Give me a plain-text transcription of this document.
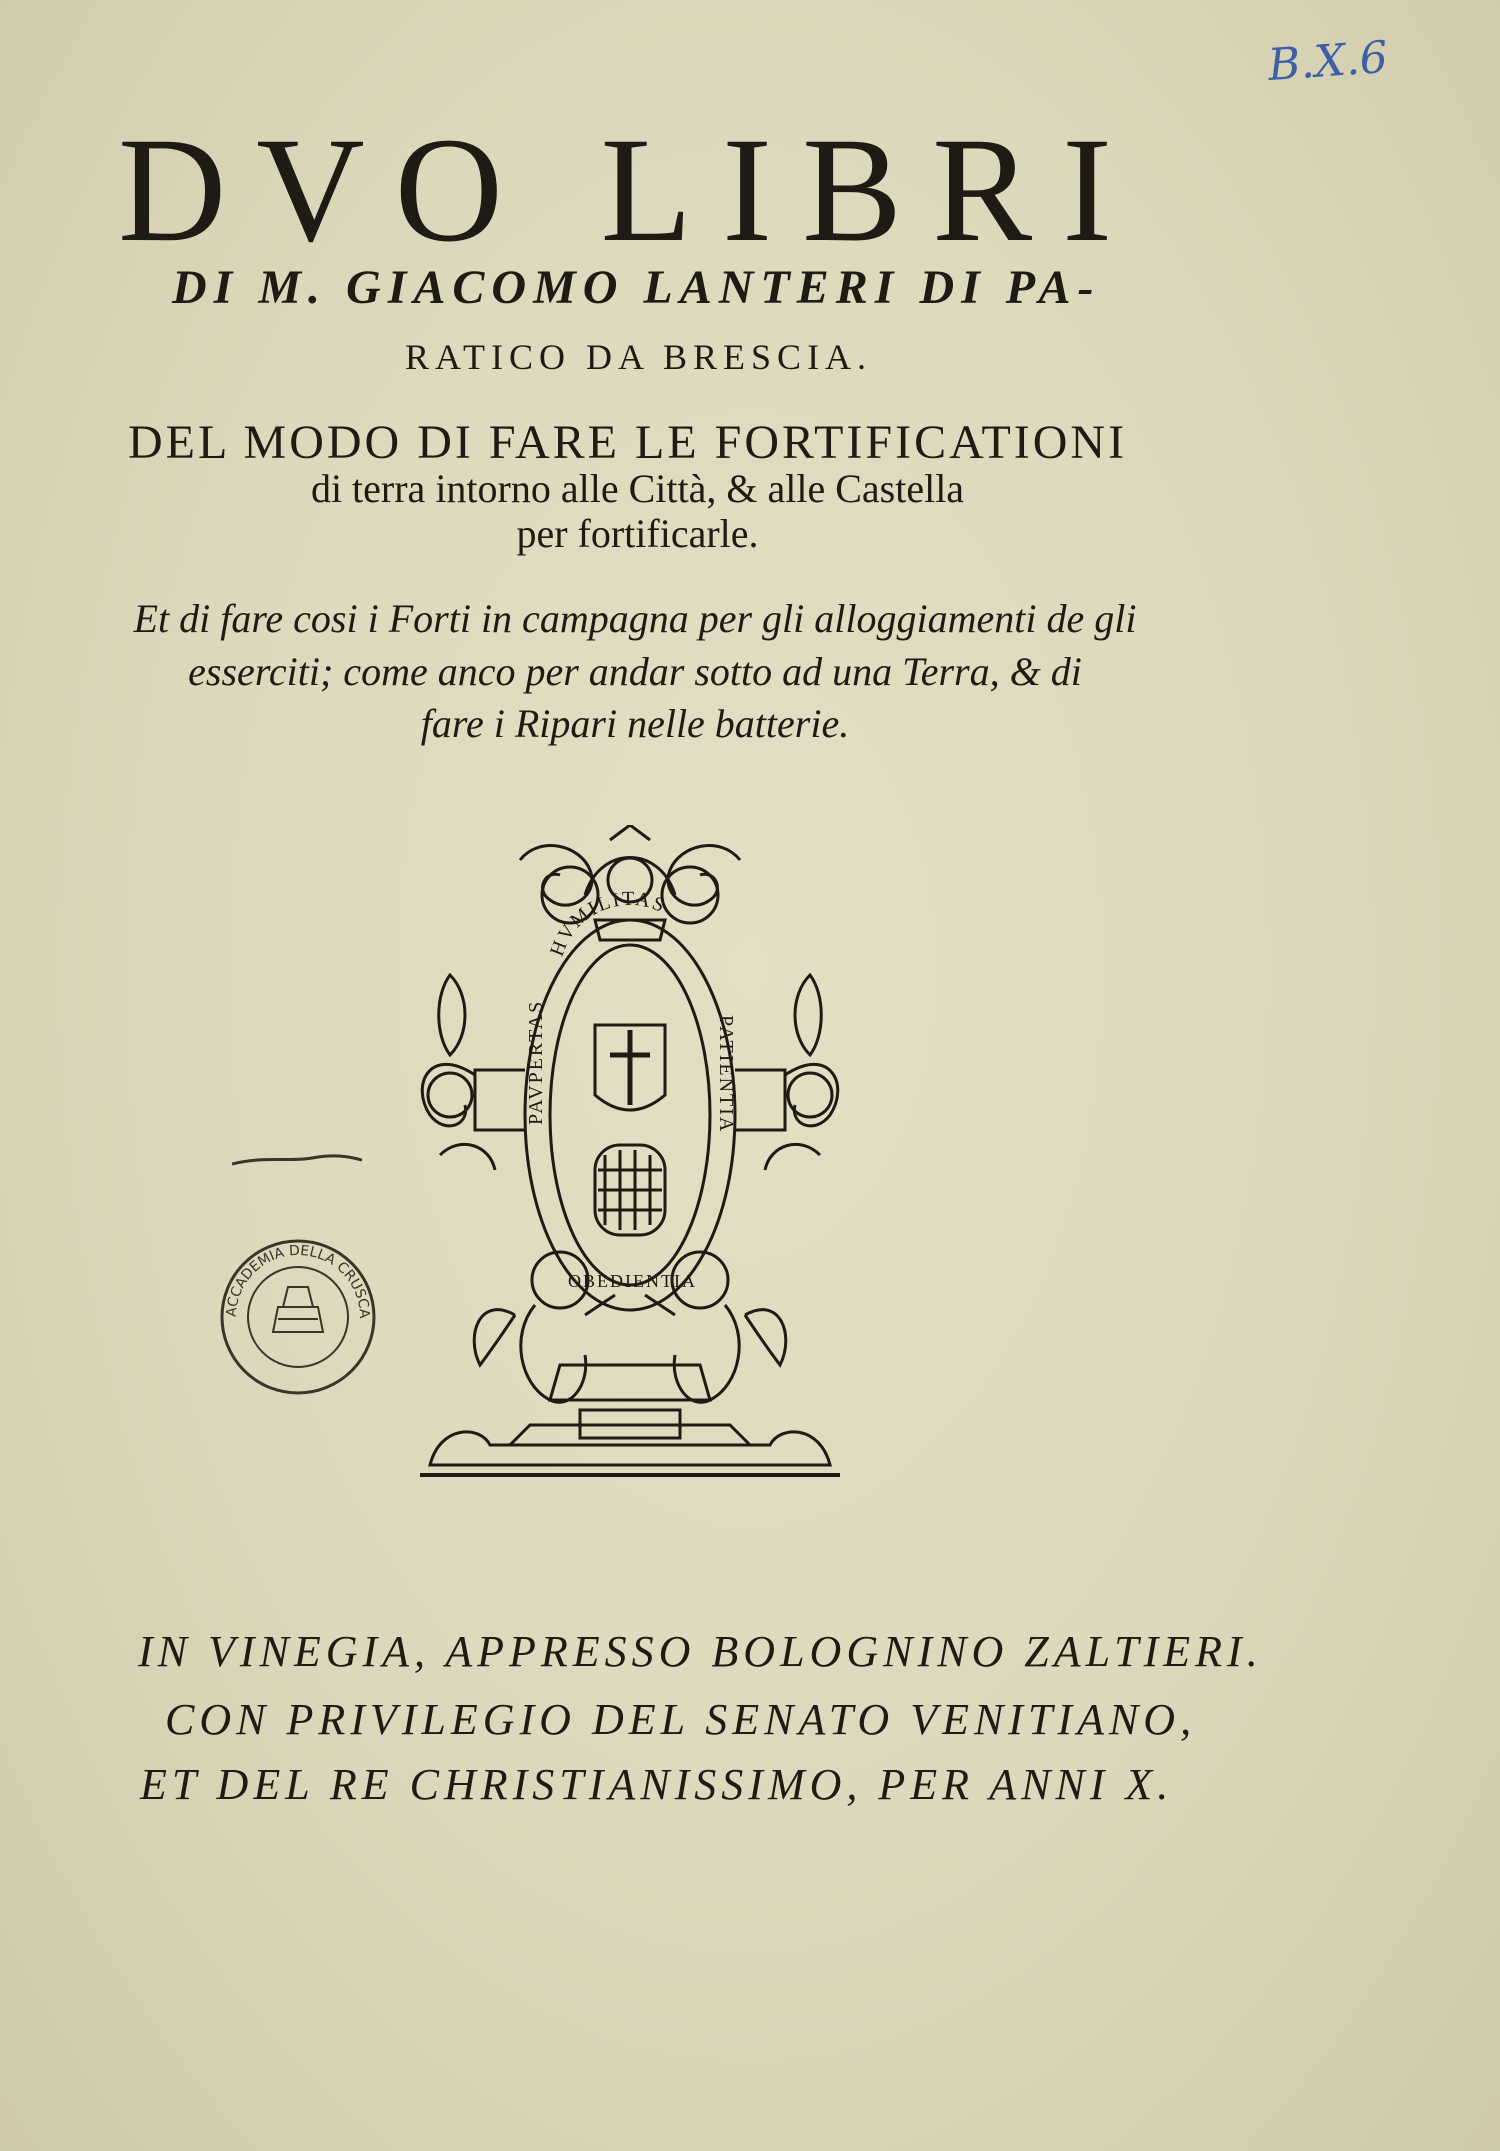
B.X.6
DVO LIBRI

DI M. GIACOMO LANTERI DI PA-

RATICO DA BRESCIA.

DEL MODO DI FARE LE FORTIFICATIONI

di terra intorno alle Città, & alle Castella

per fortificarle.

Et di fare cosi i Forti in campagna per gli alloggiamenti de gli

esserciti; come anco per andar sotto ad una Terra, & di

fare i Ripari nelle batterie.

HVMILITAS
PAVPERTAS	PATIENTIA
OBEDIENTIA
ACCADEMIA DELLA CRUSCA

IN VINEGIA, APPRESSO BOLOGNINO ZALTIERI.

CON PRIVILEGIO DEL SENATO VENITIANO,

ET DEL RE CHRISTIANISSIMO, PER ANNI X.
